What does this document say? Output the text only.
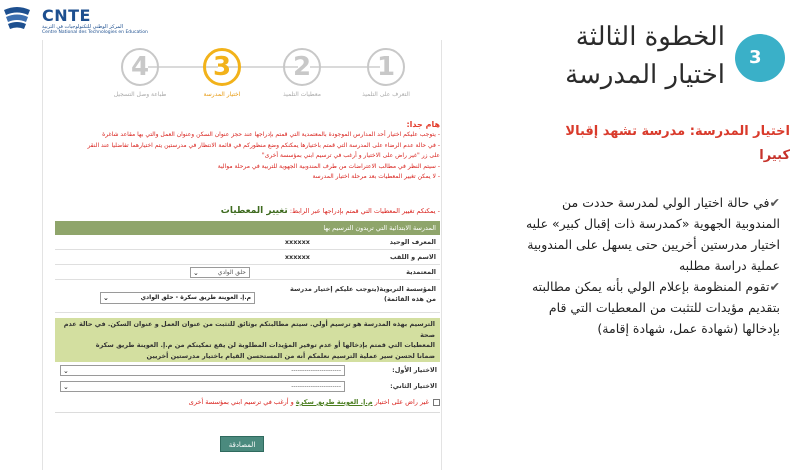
CNTE
المركز الوطني للتكنولوجيات في التربية
Centre National des Technologies en Education
4
طباعة وصل التسجيل
3
اختيار المدرسة
2
معطيات التلميذ
1
التعرف على التلميذ
هام جدا:
- يتوجب عليكم اختيار أحد المدارس الموجودة بالمعتمدية التي قمتم بإدراجها عند حجز عنوان السكن وعنوان العمل والتي بها مقاعد شاغرة
- في حالة عدم الرضاء على المدرسة التي قمتم باختيارها يمكنكم وضع منظوركم في قائمة الانتظار في مدرستين يتم اختيارهما تفاضليا عند النقر
على زر "غير راض على الاختيار و أرغب في ترسيم ابني بمؤسسة أخرى"
- سيتم النظر في مطالب الاعتراضات من طرف المندوبية الجهوية للتربية في مرحلة موالية
- لا يمكن تغيير المعطيات بعد مرحلة اختيار المدرسة
- يمكنكم تغيير المعطيات التي قمتم بإدراجها عبر الرابط: تغيير المعطيات
المدرسة الابتدائية التي تريدون الترسيم بها
المعرف الوحيد
xxxxxx
الاسم و اللقب
xxxxxx
المعتمدية
حلق الوادي
⌄
المؤسسة التربوية(يتوجب عليكم إختيار مدرسة من هذه القائمة)
م.إ. العوينة طريق سكرة - حلق الوادي
⌄
الترسيم بهذه المدرسة هو ترسيم أولي. سيتم مطالبتكم بوثائق للتثبت من عنوان العمل و عنوان السكن. في حالة عدم صحة
المعطيات التي قمتم بإدخالها أو عدم توفير المؤيدات المطلوبة لن يقع تمكينكم من م.إ. العوينة طريق سكرة
ضمانا لحسن سير عملية الترسيم نعلمكم أنه من المستحسن القيام باختيار مدرستين أخريين
الاختيار الأول:
-----------------------
⌄
الاختيار الثاني:
-----------------------
⌄
غير راض على اختيار م.إ. العوينة طريق سكرة و أرغب في ترسيم ابني بمؤسسة أخرى
المصادقة
3
الخطوة الثالثة
اختيار المدرسة
اختيار المدرسة: مدرسة تشهد إقبالا
كبيرا
✔في حالة اختيار الولي لمدرسة حددت من
المندوبية الجهوية «كمدرسة ذات إقبال كبير» عليه
اختيار مدرستين أخريين حتى يسهل على المندوبية
عملية دراسة مطلبه
✔تقوم المنظومة بإعلام الولي بأنه يمكن مطالبته
بتقديم مؤيدات للتثبت من المعطيات التي قام
بإدخالها (شهادة عمل، شهادة إقامة)
